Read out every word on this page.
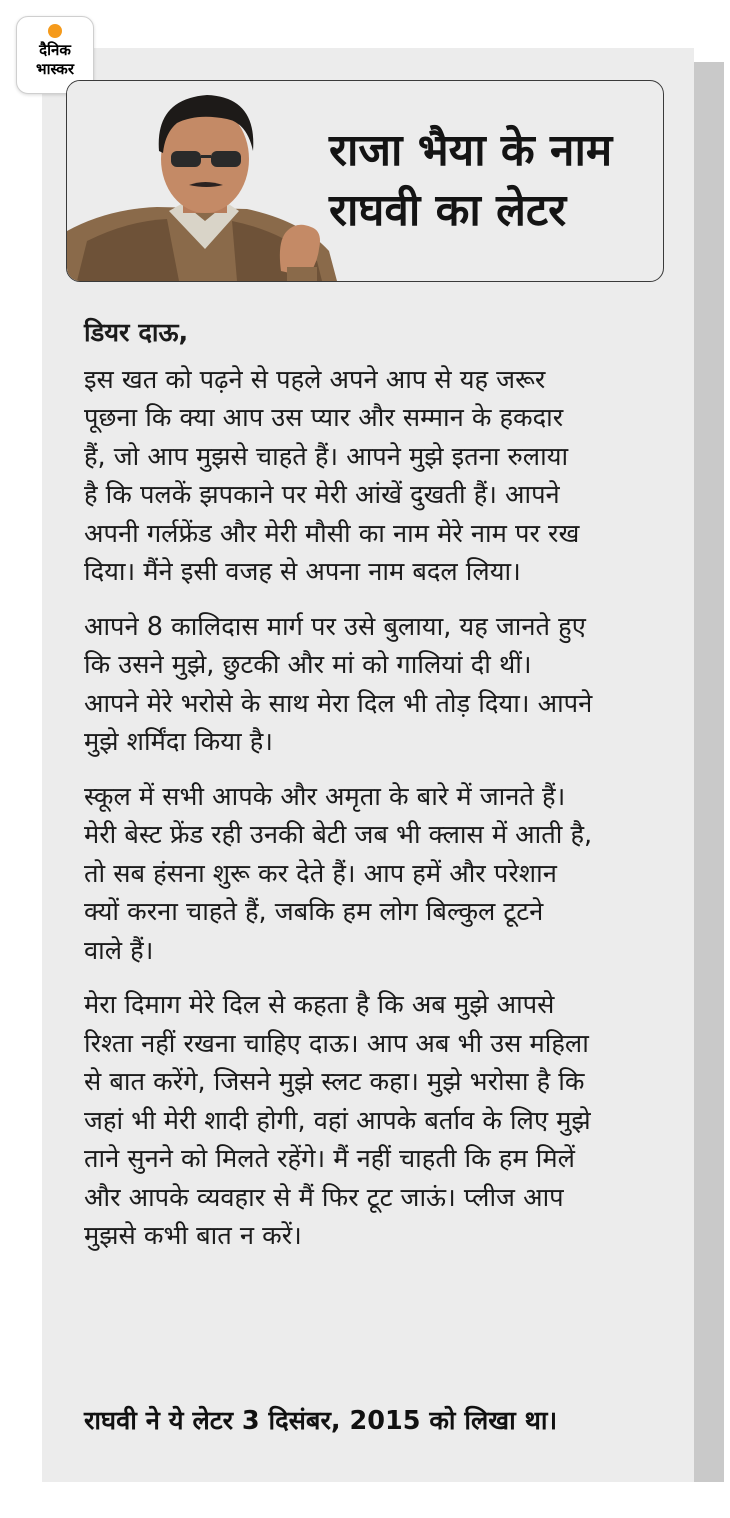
दैनिक
भास्कर
राजा भैया के नाम
राघवी का लेटर
डियर दाऊ,
इस खत को पढ़ने से पहले अपने आप से यह जरूर
पूछना कि क्या आप उस प्यार और सम्मान के हकदार
हैं, जो आप मुझसे चाहते हैं। आपने मुझे इतना रुलाया
है कि पलकें झपकाने पर मेरी आंखें दुखती हैं। आपने
अपनी गर्लफ्रेंड और मेरी मौसी का नाम मेरे नाम पर रख
दिया। मैंने इसी वजह से अपना नाम बदल लिया।
आपने 8 कालिदास मार्ग पर उसे बुलाया, यह जानते हुए
कि उसने मुझे, छुटकी और मां को गालियां दी थीं।
आपने मेरे भरोसे के साथ मेरा दिल भी तोड़ दिया। आपने
मुझे शर्मिंदा किया है।
स्कूल में सभी आपके और अमृता के बारे में जानते हैं।
मेरी बेस्ट फ्रेंड रही उनकी बेटी जब भी क्लास में आती है,
तो सब हंसना शुरू कर देते हैं। आप हमें और परेशान
क्यों करना चाहते हैं, जबकि हम लोग बिल्कुल टूटने
वाले हैं।
मेरा दिमाग मेरे दिल से कहता है कि अब मुझे आपसे
रिश्ता नहीं रखना चाहिए दाऊ। आप अब भी उस महिला
से बात करेंगे, जिसने मुझे स्लट कहा। मुझे भरोसा है कि
जहां भी मेरी शादी होगी, वहां आपके बर्ताव के लिए मुझे
ताने सुनने को मिलते रहेंगे। मैं नहीं चाहती कि हम मिलें
और आपके व्यवहार से मैं फिर टूट जाऊं। प्लीज आप
मुझसे कभी बात न करें।
राघवी ने ये लेटर 3 दिसंबर, 2015 को लिखा था।
